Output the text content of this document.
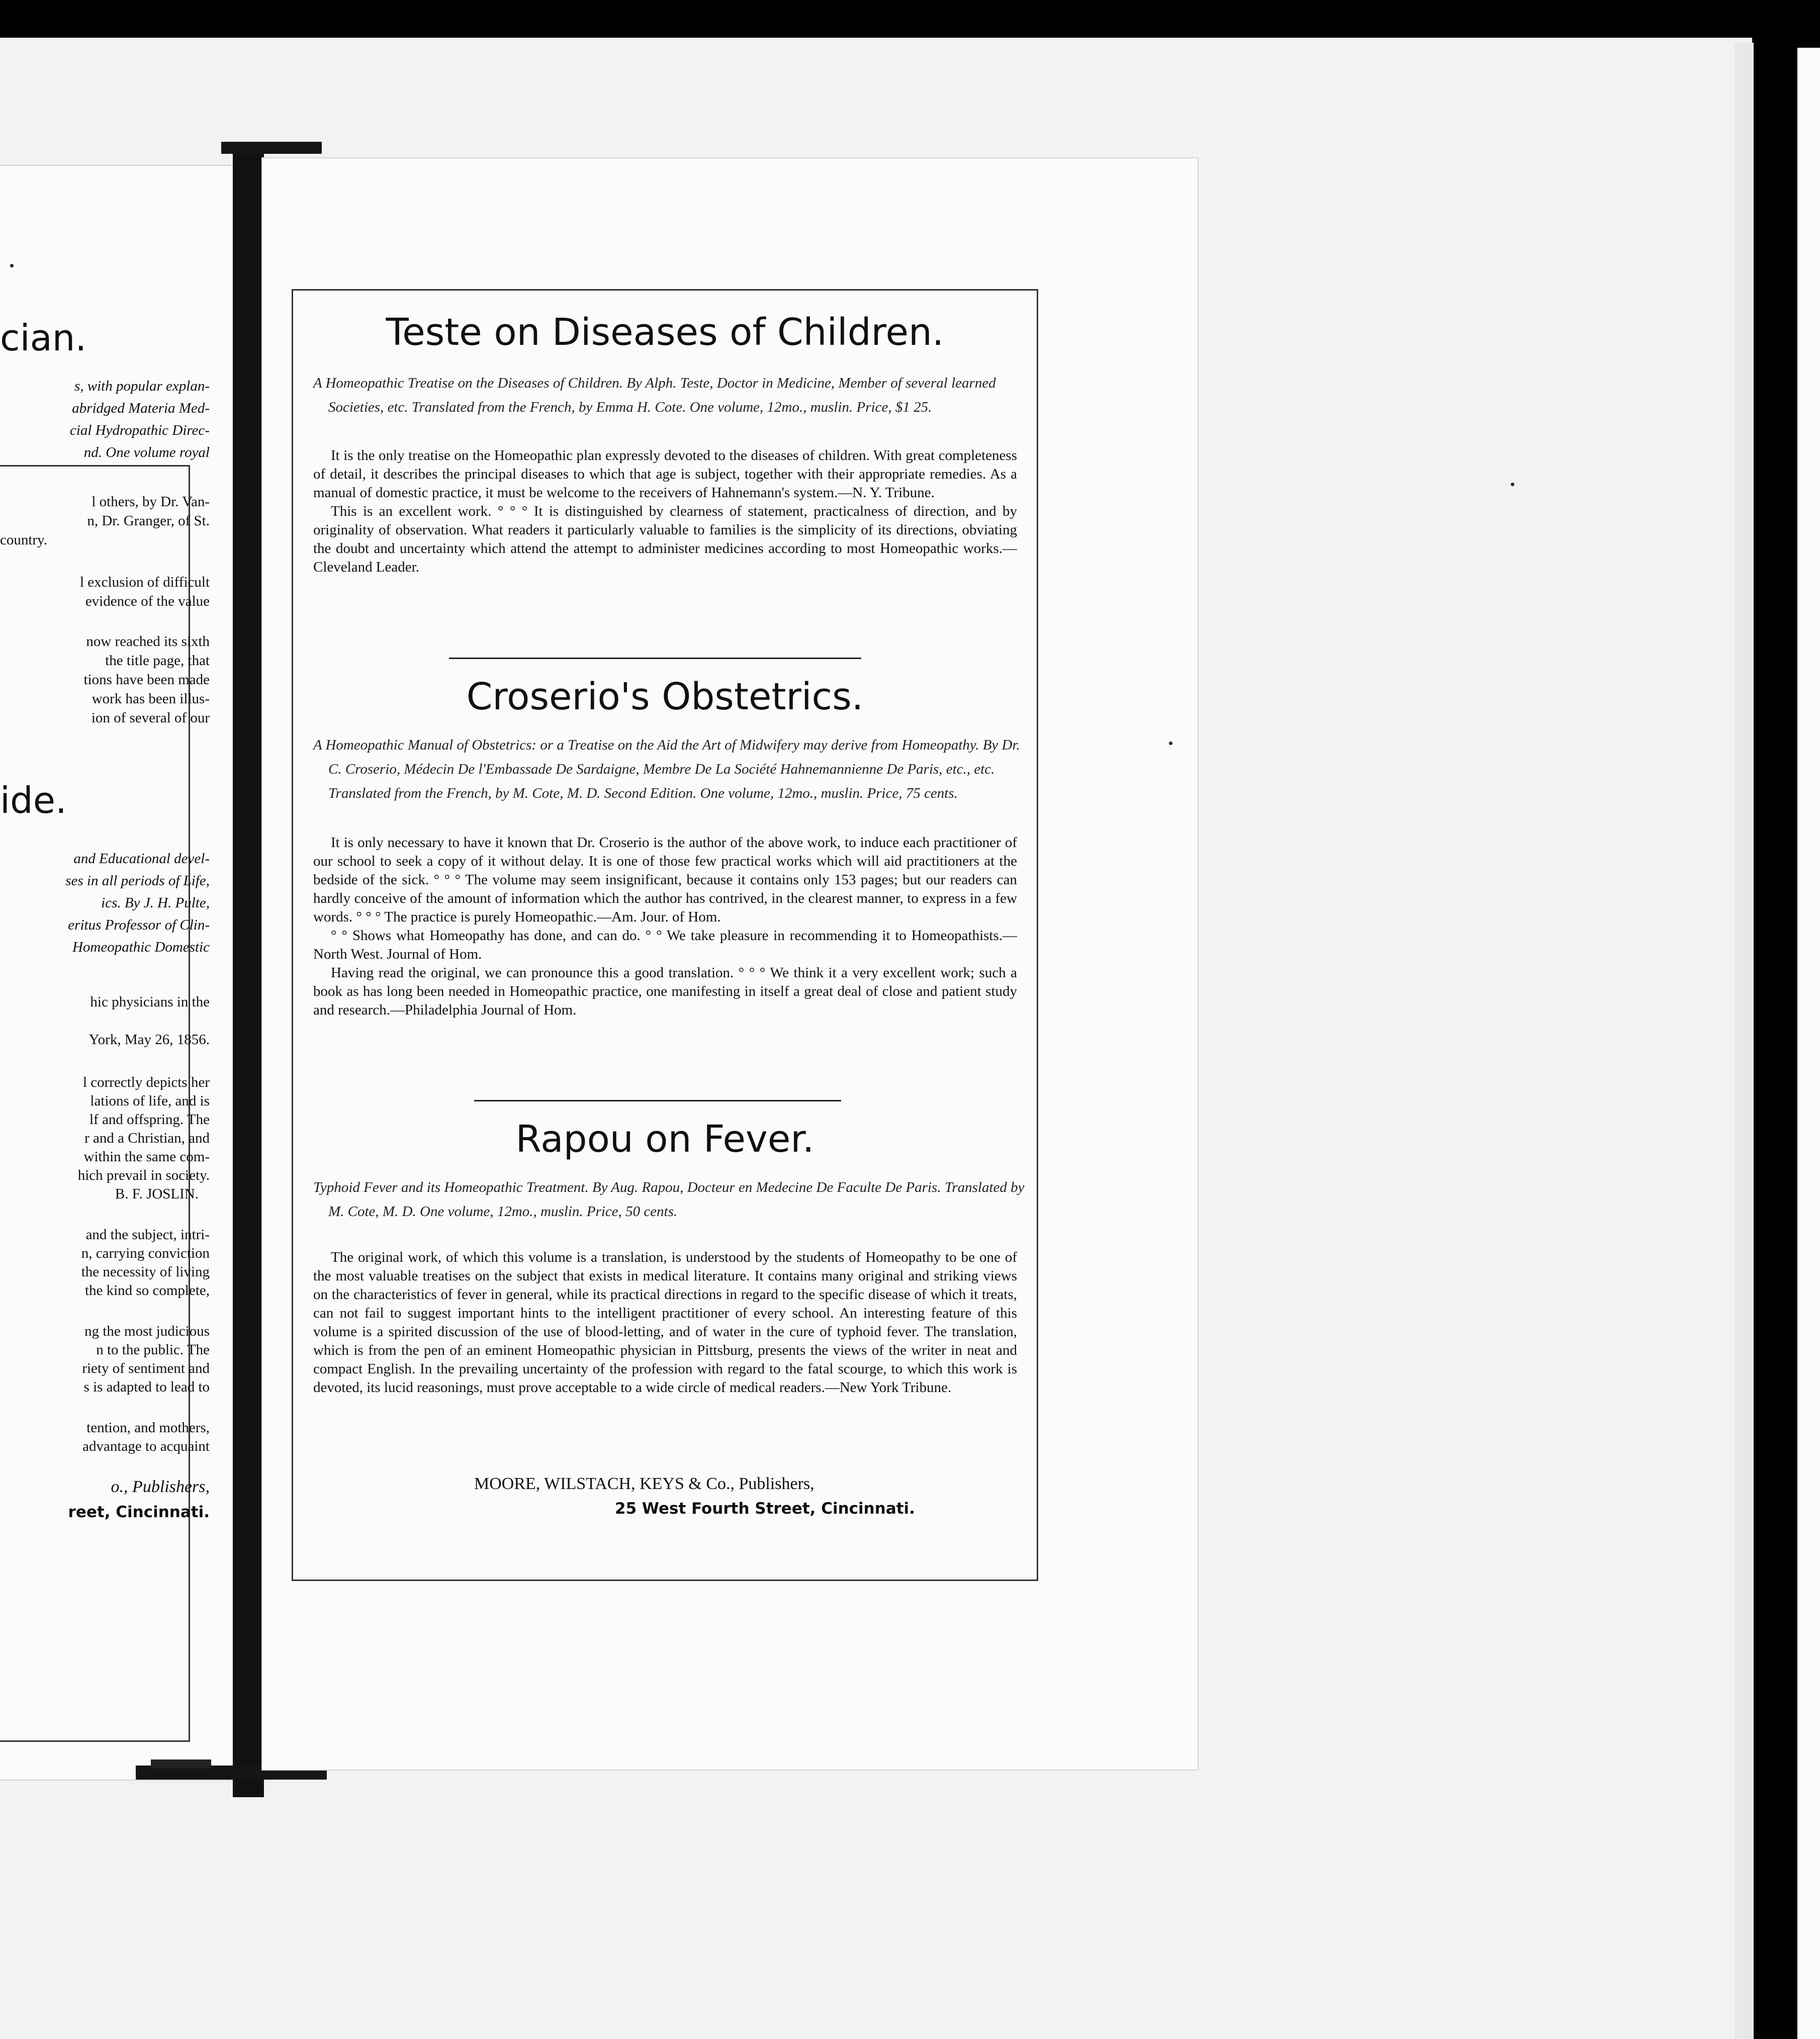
cian.
s, with popular explan-
abridged Materia Med-
cial Hydropathic Direc-
nd. One volume royal
l others, by Dr. Van-
n, Dr. Granger, of St.
country.
l exclusion of difficult
evidence of the value
now reached its sixth
the title page, that
tions have been made
work has been illus-
ion of several of our
ide.
and Educational devel-
ses in all periods of Life,
ics. By J. H. Pulte,
eritus Professor of Clin-
Homeopathic Domestic
hic physicians in the
York, May 26, 1856.
l correctly depicts her
lations of life, and is
lf and offspring. The
r and a Christian, and
within the same com-
hich prevail in society.
B. F. JOSLIN.
and the subject, intri-
n, carrying conviction
the necessity of living
the kind so complete,
ng the most judicious
n to the public. The
riety of sentiment and
s is adapted to lead to
tention, and mothers,
advantage to acquaint
o., Publishers,
reet, Cincinnati.
Teste on Diseases of Children.
A Homeopathic Treatise on the Diseases of Children. By Alph. Teste, Doctor in Medicine, Member of several learned Societies, etc. Translated from the French, by Emma H. Cote. One volume, 12mo., muslin. Price, $1 25.

It is the only treatise on the Homeopathic plan expressly devoted to the diseases of children. With great completeness of detail, it describes the principal diseases to which that age is subject, together with their appropriate remedies. As a manual of domestic practice, it must be welcome to the receivers of Hahnemann's system.—N. Y. Tribune.

This is an excellent work. ° ° ° It is distinguished by clearness of statement, practicalness of direction, and by originality of observation. What readers it particularly valuable to families is the simplicity of its directions, obviating the doubt and uncertainty which attend the attempt to administer medicines according to most Homeopathic works.—Cleveland Leader.

Croserio's Obstetrics.
A Homeopathic Manual of Obstetrics: or a Treatise on the Aid the Art of Midwifery may derive from Homeopathy. By Dr. C. Croserio, Médecin De l'Embassade De Sardaigne, Membre De La Société Hahnemannienne De Paris, etc., etc. Translated from the French, by M. Cote, M. D. Second Edition. One volume, 12mo., muslin. Price, 75 cents.

It is only necessary to have it known that Dr. Croserio is the author of the above work, to induce each practitioner of our school to seek a copy of it without delay. It is one of those few practical works which will aid practitioners at the bedside of the sick. ° ° ° The volume may seem insignificant, because it contains only 153 pages; but our readers can hardly conceive of the amount of information which the author has contrived, in the clearest manner, to express in a few words. ° ° ° The practice is purely Homeopathic.—Am. Jour. of Hom.

° ° Shows what Homeopathy has done, and can do. ° ° We take pleasure in recommending it to Homeopathists.—North West. Journal of Hom.

Having read the original, we can pronounce this a good translation. ° ° ° We think it a very excellent work; such a book as has long been needed in Homeopathic practice, one manifesting in itself a great deal of close and patient study and research.—Philadelphia Journal of Hom.

Rapou on Fever.
Typhoid Fever and its Homeopathic Treatment. By Aug. Rapou, Docteur en Medecine De Faculte De Paris. Translated by M. Cote, M. D. One volume, 12mo., muslin. Price, 50 cents.

The original work, of which this volume is a translation, is understood by the students of Homeopathy to be one of the most valuable treatises on the subject that exists in medical literature. It contains many original and striking views on the characteristics of fever in general, while its practical directions in regard to the specific disease of which it treats, can not fail to suggest important hints to the intelligent practitioner of every school. An interesting feature of this volume is a spirited discussion of the use of blood-letting, and of water in the cure of typhoid fever. The translation, which is from the pen of an eminent Homeopathic physician in Pittsburg, presents the views of the writer in neat and compact English. In the prevailing uncertainty of the profession with regard to the fatal scourge, to which this work is devoted, its lucid reasonings, must prove acceptable to a wide circle of medical readers.—New York Tribune.

MOORE, WILSTACH, KEYS & Co., Publishers,
25 West Fourth Street, Cincinnati.
